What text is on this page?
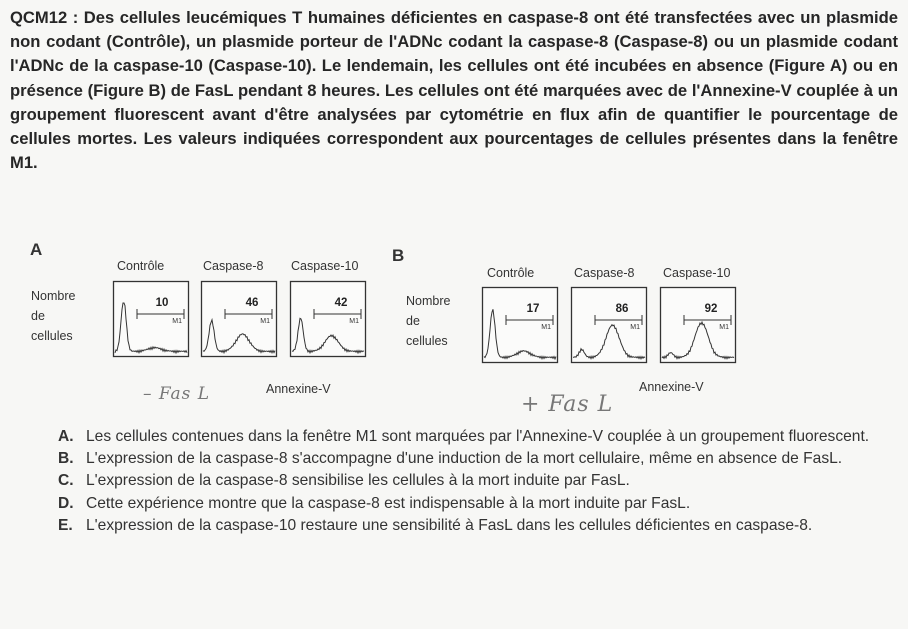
QCM12 : Des cellules leucémiques T humaines déficientes en caspase-8 ont été transfectées avec un plasmide non codant (Contrôle), un plasmide porteur de l'ADNc codant la caspase-8 (Caspase-8) ou un plasmide codant l'ADNc de la caspase-10 (Caspase-10). Le lendemain, les cellules ont été incubées en absence (Figure A) ou en présence (Figure B) de FasL pendant 8 heures. Les cellules ont été marquées avec de l'Annexine-V couplée à un groupement fluorescent avant d'être analysées par cytométrie en flux afin de quantifier le pourcentage de cellules mortes. Les valeurs indiquées correspondent aux pourcentages de cellules présentes dans la fenêtre M1.

A
Contrôle	Caspase-8 Caspase-10
Nombre
de
cellules
M1
10
M1
46
M1
42
– Fas L	Annexine-V
B
Contrôle	Caspase-8 Caspase-10
Nombre
de
cellules
M1
17
M1
86
M1
92
Annexine-V
+ Fas L
A. Les cellules contenues dans la fenêtre M1 sont marquées par l'Annexine-V couplée à un groupement fluorescent.
B. L'expression de la caspase-8 s'accompagne d'une induction de la mort cellulaire, même en absence de FasL.
C. L'expression de la caspase-8 sensibilise les cellules à la mort induite par FasL.
D. Cette expérience montre que la caspase-8 est indispensable à la mort induite par FasL.
E. L'expression de la caspase-10 restaure une sensibilité à FasL dans les cellules déficientes en caspase-8.
